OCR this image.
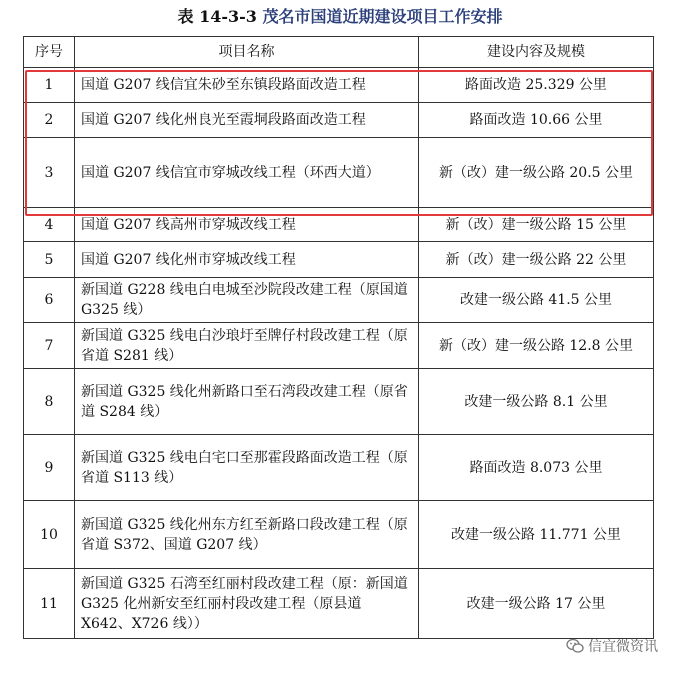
表 14-3-3 茂名市国道近期建设项目工作安排
序号	项目名称	建设内容及规模
1	国道 G207 线信宜朱砂至东镇段路面改造工程	路面改造 25.329 公里
2	国道 G207 线化州良光至霞垌段路面改造工程	路面改造 10.66 公里
3	国道 G207 线信宜市穿城改线工程（环西大道）	新（改）建一级公路 20.5 公里
4	国道 G207 线高州市穿城改线工程	新（改）建一级公路 15 公里
5	国道 G207 线化州市穿城改线工程	新（改）建一级公路 22 公里
6	新国道 G228 线电白电城至沙院段改建工程（原国道 G325 线）	改建一级公路 41.5 公里
7	新国道 G325 线电白沙琅圩至牌仔村段改建工程（原省道 S281 线）	新（改）建一级公路 12.8 公里
8	新国道 G325 线化州新路口至石湾段改建工程（原省道 S284 线）	改建一级公路 8.1 公里
9	新国道 G325 线电白宅口至那霍段路面改造工程（原省道 S113 线）	路面改造 8.073 公里
10	新国道 G325 线化州东方红至新路口段改建工程（原省道 S372、国道 G207 线）	改建一级公路 11.771 公里
11	新国道 G325 石湾至红丽村段改建工程（原：新国道 G325 化州新安至红丽村段改建工程（原县道 X642、X726 线））	改建一级公路 17 公里
信宜微资讯
